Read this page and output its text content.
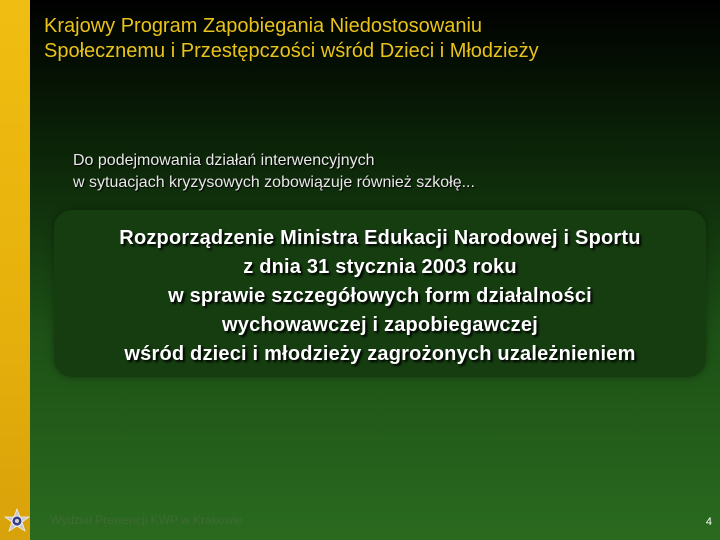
Krajowy Program Zapobiegania Niedostosowaniu
Społecznemu i Przestępczości wśród Dzieci i Młodzieży
Do podejmowania działań interwencyjnych
w sytuacjach kryzysowych zobowiązuje również szkołę...
Rozporządzenie Ministra Edukacji Narodowej i Sportu
z dnia 31 stycznia 2003 roku
w sprawie szczegółowych form działalności
wychowawczej i zapobiegawczej
wśród dzieci i młodzieży zagrożonych uzależnieniem
Wydział Prewencji KWP w Krakowie	4
